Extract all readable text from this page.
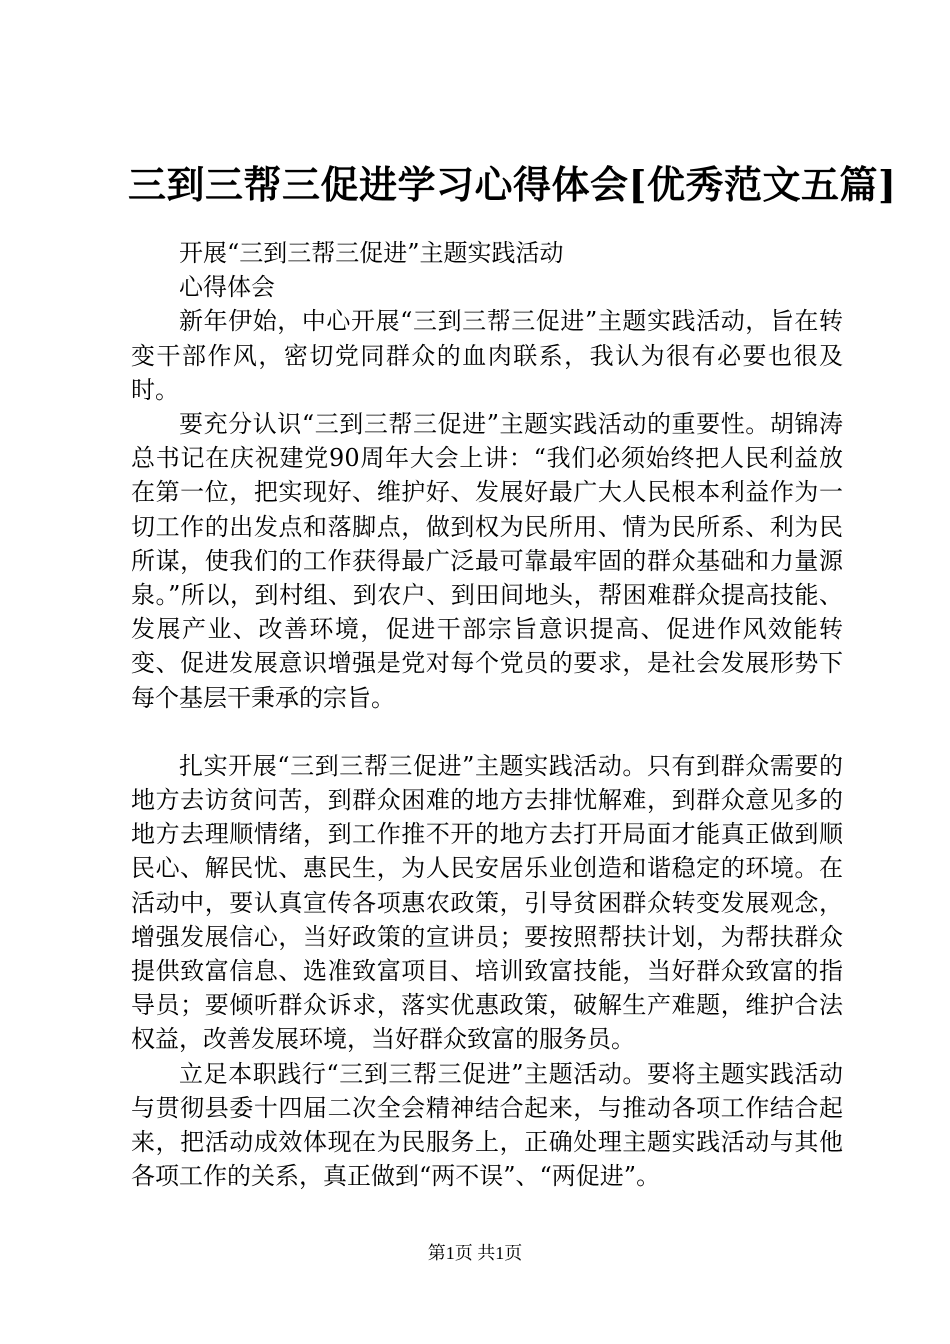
三到三帮三促进学习心得体会[优秀范文五篇]

开展“三到三帮三促进”主题实践活动

心得体会

新年伊始，中心开展“三到三帮三促进”主题实践活动，旨在转变干部作风，密切党同群众的血肉联系，我认为很有必要也很及时。

要充分认识“三到三帮三促进”主题实践活动的重要性。胡锦涛总书记在庆祝建党90周年大会上讲：“我们必须始终把人民利益放在第一位，把实现好、维护好、发展好最广大人民根本利益作为一切工作的出发点和落脚点，做到权为民所用、情为民所系、利为民所谋，使我们的工作获得最广泛最可靠最牢固的群众基础和力量源泉。”所以，到村组、到农户、到田间地头，帮困难群众提高技能、发展产业、改善环境，促进干部宗旨意识提高、促进作风效能转变、促进发展意识增强是党对每个党员的要求，是社会发展形势下每个基层干秉承的宗旨。

扎实开展“三到三帮三促进”主题实践活动。只有到群众需要的地方去访贫问苦，到群众困难的地方去排忧解难，到群众意见多的地方去理顺情绪，到工作推不开的地方去打开局面才能真正做到顺民心、解民忧、惠民生，为人民安居乐业创造和谐稳定的环境。在活动中，要认真宣传各项惠农政策，引导贫困群众转变发展观念，增强发展信心，当好政策的宣讲员；要按照帮扶计划，为帮扶群众提供致富信息、选准致富项目、培训致富技能，当好群众致富的指导员；要倾听群众诉求，落实优惠政策，破解生产难题，维护合法权益，改善发展环境，当好群众致富的服务员。

立足本职践行“三到三帮三促进”主题活动。要将主题实践活动与贯彻县委十四届二次全会精神结合起来，与推动各项工作结合起来，把活动成效体现在为民服务上，正确处理主题实践活动与其他各项工作的关系，真正做到“两不误”、“两促进”。

第1页 共1页
